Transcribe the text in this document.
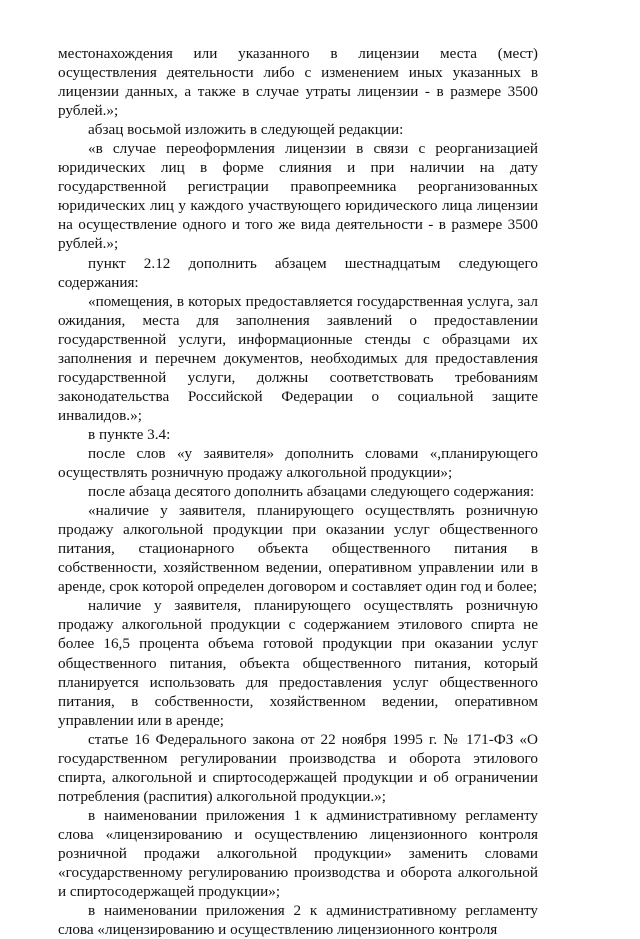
местонахождения или указанного в лицензии места (мест) осуществления деятельности либо с изменением иных указанных в лицензии данных, а также в случае утраты лицензии - в размере 3500 рублей.»;

абзац восьмой изложить в следующей редакции:

«в случае переоформления лицензии в связи с реорганизацией юридических лиц в форме слияния и при наличии на дату государственной регистрации правопреемника реорганизованных юридических лиц у каждого участвующего юридического лица лицензии на осуществление одного и того же вида деятельности - в размере 3500 рублей.»;

пункт 2.12 дополнить абзацем шестнадцатым следующего содержания:

«помещения, в которых предоставляется государственная услуга, зал ожидания, места для заполнения заявлений о предоставлении государственной услуги, информационные стенды с образцами их заполнения и перечнем документов, необходимых для предоставления государственной услуги, должны соответствовать требованиям законодательства Российской Федерации о социальной защите инвалидов.»;

в пункте 3.4:

после слов «у заявителя» дополнить словами «,планирующего осуществлять розничную продажу алкогольной продукции»;

после абзаца десятого дополнить абзацами следующего содержания:

«наличие у заявителя, планирующего осуществлять розничную продажу алкогольной продукции при оказании услуг общественного питания, стационарного объекта общественного питания в собственности, хозяйственном ведении, оперативном управлении или в аренде, срок которой определен договором и составляет один год и более;

наличие у заявителя, планирующего осуществлять розничную продажу алкогольной продукции с содержанием этилового спирта не более 16,5 процента объема готовой продукции при оказании услуг общественного питания, объекта общественного питания, который планируется использовать для предоставления услуг общественного питания, в собственности, хозяйственном ведении, оперативном управлении или в аренде;

статье 16 Федерального закона от 22 ноября 1995 г. № 171-ФЗ «О государственном регулировании производства и оборота этилового спирта, алкогольной и спиртосодержащей продукции и об ограничении потребления (распития) алкогольной продукции.»;

в наименовании приложения 1 к административному регламенту слова «лицензированию и осуществлению лицензионного контроля розничной продажи алкогольной продукции» заменить словами «государственному регулированию производства и оборота алкогольной и спиртосодержащей продукции»;

в наименовании приложения 2 к административному регламенту слова «лицензированию и осуществлению лицензионного контроля
